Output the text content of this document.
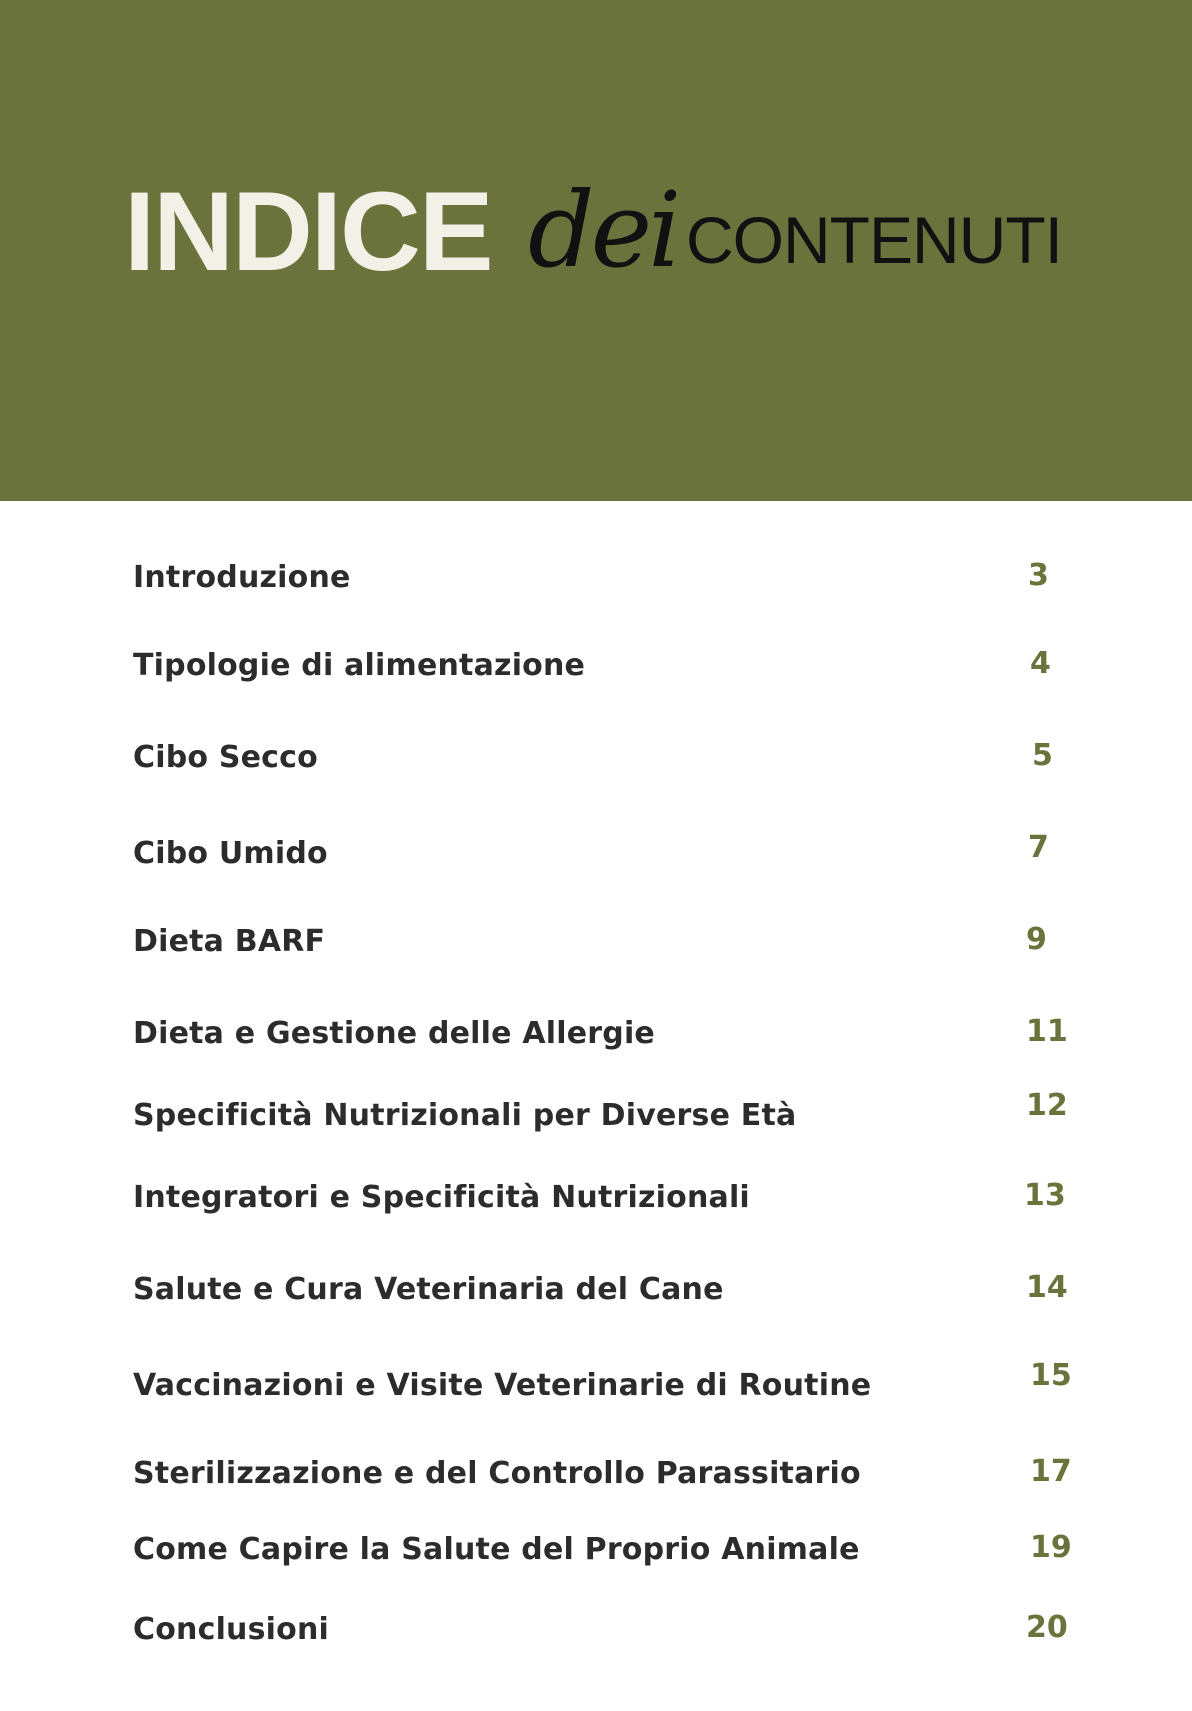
INDICE dei CONTENUTI
Introduzione	3
Tipologie di alimentazione	4
Cibo Secco	5
Cibo Umido	7
Dieta BARF	9
Dieta e Gestione delle Allergie	11
Specificità Nutrizionali per Diverse Età	12
Integratori e Specificità Nutrizionali	13
Salute e Cura Veterinaria del Cane	14
Vaccinazioni e Visite Veterinarie di Routine	15
Sterilizzazione e del Controllo Parassitario	17
Come Capire la Salute del Proprio Animale	19
Conclusioni	20
